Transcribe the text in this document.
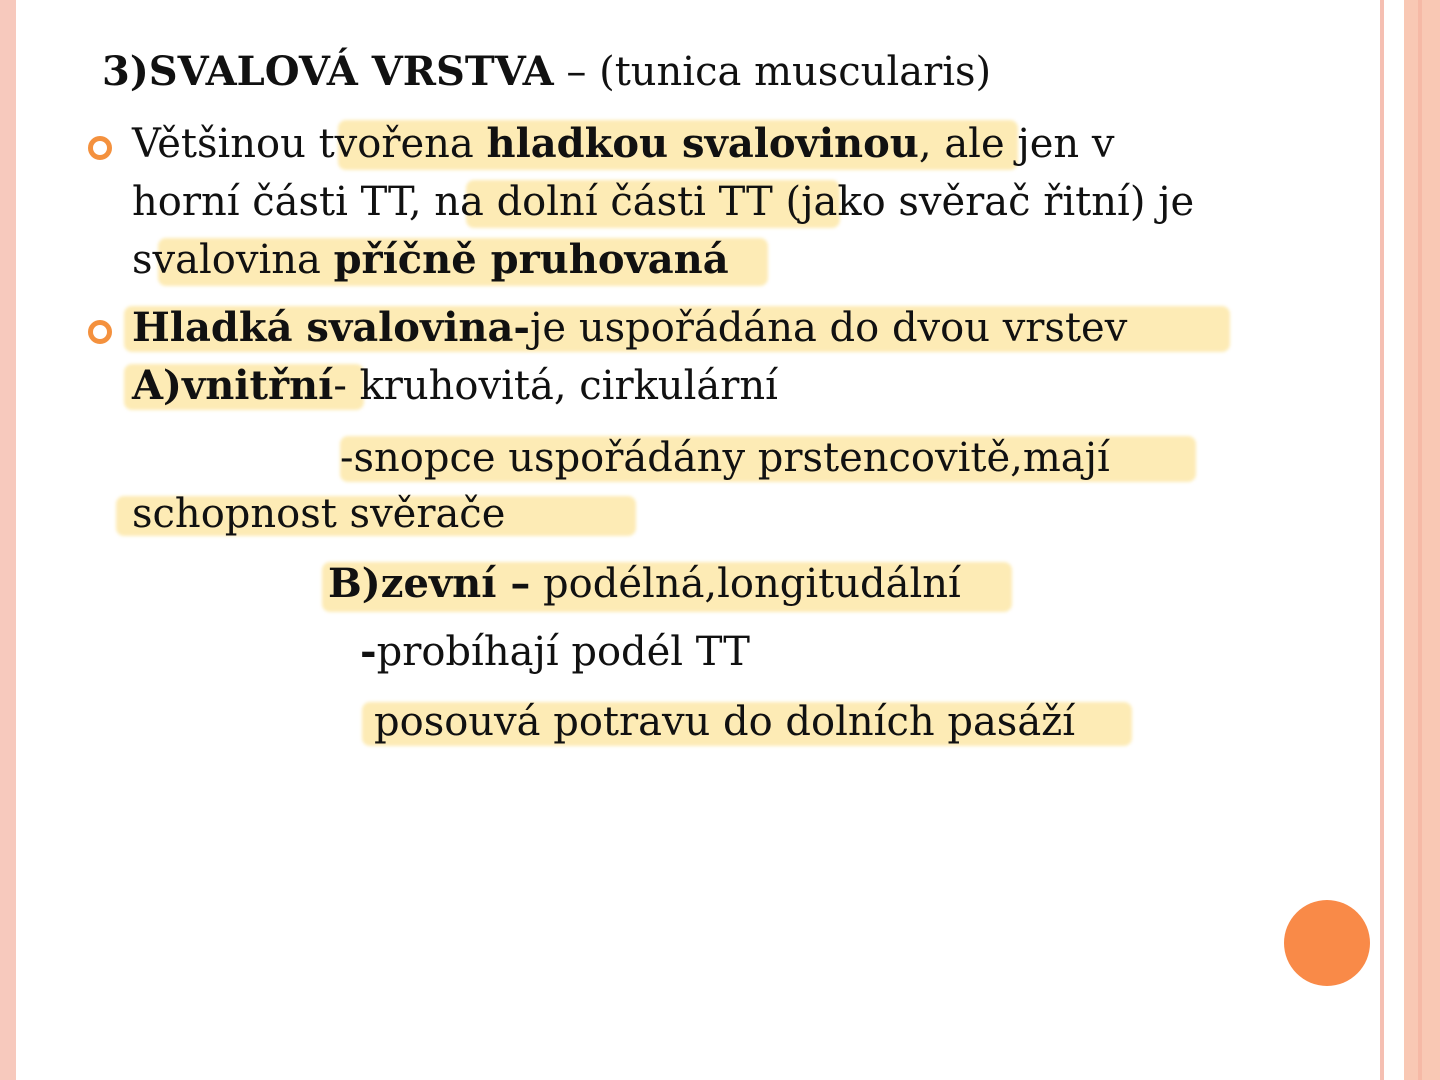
3)SVALOVÁ VRSTVA – (tunica muscularis)
Většinou tvořena hladkou svalovinou, ale jen v
horní části TT, na dolní části TT (jako svěrač řitní) je
svalovina příčně pruhovaná
Hladká svalovina-je uspořádána do dvou vrstev
A)vnitřní- kruhovitá, cirkulární
-snopce uspořádány prstencovitě,mají
schopnost svěrače
B)zevní – podélná,longitudální
-probíhají podél TT
posouvá potravu do dolních pasáží
